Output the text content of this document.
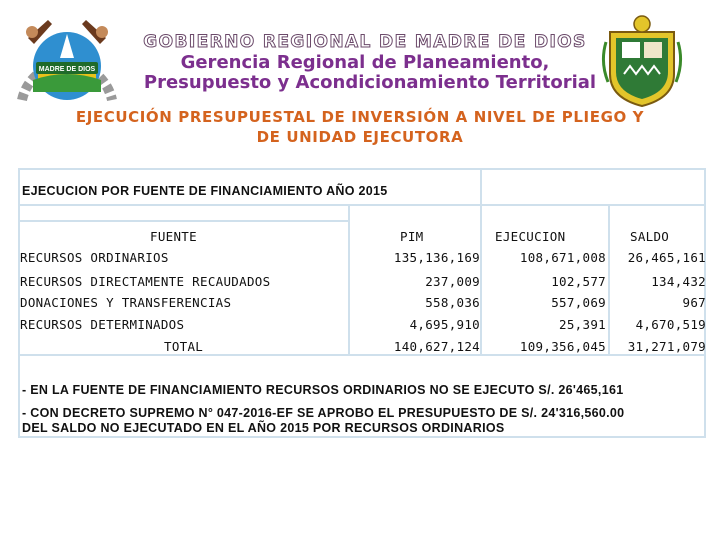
MADRE DE DIOS
GOBIERNO REGIONAL DE MADRE DE DIOS
Gerencia Regional de Planeamiento,
Presupuesto y Acondicionamiento Territorial
EJECUCIÓN PRESUPUESTAL DE INVERSIÓN A NIVEL DE PLIEGO Y
DE UNIDAD EJECUTORA
EJECUCION POR FUENTE DE FINANCIAMIENTO AÑO 2015
FUENTE	PIM	EJECUCION	SALDO
RECURSOS ORDINARIOS	135,136,169	108,671,008	26,465,161
RECURSOS DIRECTAMENTE RECAUDADOS	237,009	102,577	134,432
DONACIONES Y TRANSFERENCIAS	558,036	557,069	967
RECURSOS DETERMINADOS	4,695,910	25,391	4,670,519
TOTAL	140,627,124	109,356,045	31,271,079
- EN LA FUENTE DE FINANCIAMIENTO RECURSOS ORDINARIOS NO SE EJECUTO S/. 26'465,161
- CON DECRETO SUPREMO N° 047-2016-EF SE APROBO EL PRESUPUESTO DE S/. 24'316,560.00
DEL SALDO NO EJECUTADO EN EL AÑO 2015 POR RECURSOS ORDINARIOS
